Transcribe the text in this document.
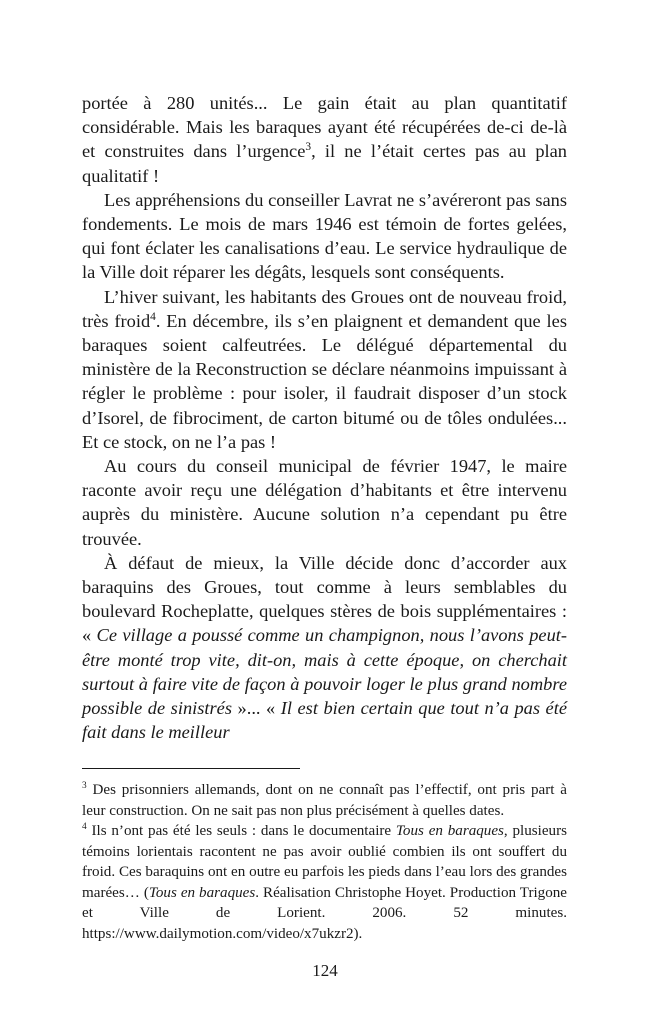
portée à 280 unités... Le gain était au plan quantitatif considérable. Mais les baraques ayant été récupérées de-ci de-là et construites dans l’urgence$^3$, il ne l’était certes pas au plan qualitatif !

Les appréhensions du conseiller Lavrat ne s’avéreront pas sans fondements. Le mois de mars 1946 est témoin de fortes gelées, qui font éclater les canalisations d’eau. Le service hydraulique de la Ville doit réparer les dégâts, lesquels sont conséquents.

L’hiver suivant, les habitants des Groues ont de nouveau froid, très froid$^4$. En décembre, ils s’en plaignent et demandent que les baraques soient calfeutrées. Le délégué départemental du ministère de la Reconstruction se déclare néanmoins impuissant à régler le problème : pour isoler, il faudrait disposer d’un stock d’Isorel, de fibrociment, de carton bitumé ou de tôles ondulées... Et ce stock, on ne l’a pas !

Au cours du conseil municipal de février 1947, le maire raconte avoir reçu une délégation d’habitants et être intervenu auprès du ministère. Aucune solution n’a cependant pu être trouvée.

À défaut de mieux, la Ville décide donc d’accorder aux baraquins des Groues, tout comme à leurs semblables du boulevard Rocheplatte, quelques stères de bois supplémentaires : « Ce village a poussé comme un champignon, nous l’avons peut-être monté trop vite, dit-on, mais à cette époque, on cherchait surtout à faire vite de façon à pouvoir loger le plus grand nombre possible de sinistrés »... « Il est bien certain que tout n’a pas été fait dans le meilleur

$^3$ Des prisonniers allemands, dont on ne connaît pas l’effectif, ont pris part à leur construction. On ne sait pas non plus précisément à quelles dates.

$^4$ Ils n’ont pas été les seuls : dans le documentaire Tous en baraques, plusieurs témoins lorientais racontent ne pas avoir oublié combien ils ont souffert du froid. Ces baraquins ont en outre eu parfois les pieds dans l’eau lors des grandes marées… (Tous en baraques. Réalisation Christophe Hoyet. Production Trigone et Ville de Lorient. 2006. 52 minutes. https://www.dailymotion.com/video/x7ukzr2).

124
